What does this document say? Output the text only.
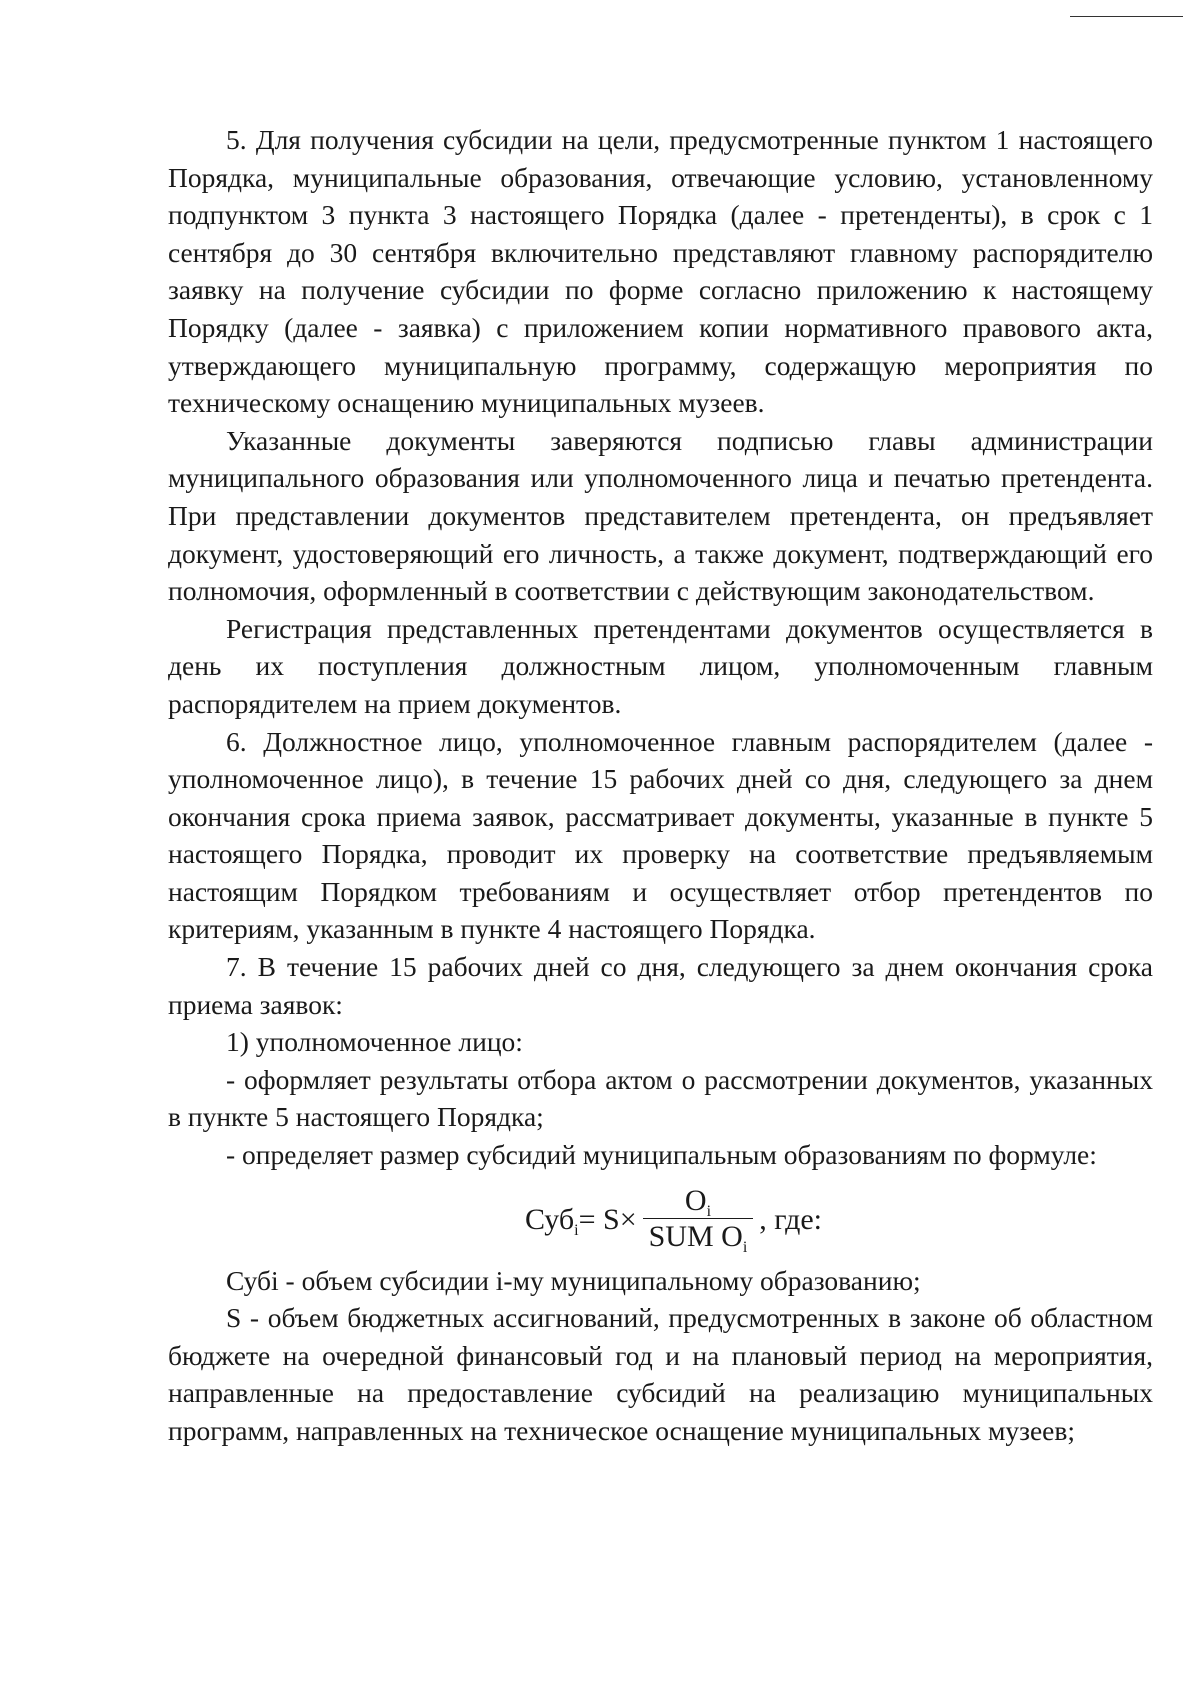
5. Для получения субсидии на цели, предусмотренные пунктом 1 настоящего Порядка, муниципальные образования, отвечающие условию, установленному подпунктом 3 пункта 3 настоящего Порядка (далее - претенденты), в срок с 1 сентября до 30 сентября включительно представляют главному распорядителю заявку на получение субсидии по форме согласно приложению к настоящему Порядку (далее - заявка) с приложением копии нормативного правового акта, утверждающего муниципальную программу, содержащую мероприятия по техническому оснащению муниципальных музеев.

Указанные документы заверяются подписью главы администрации муниципального образования или уполномоченного лица и печатью претендента. При представлении документов представителем претендента, он предъявляет документ, удостоверяющий его личность, а также документ, подтверждающий его полномочия, оформленный в соответствии с действующим законодательством.

Регистрация представленных претендентами документов осуществляется в день их поступления должностным лицом, уполномоченным главным распорядителем на прием документов.

6. Должностное лицо, уполномоченное главным распорядителем (далее - уполномоченное лицо), в течение 15 рабочих дней со дня, следующего за днем окончания срока приема заявок, рассматривает документы, указанные в пункте 5 настоящего Порядка, проводит их проверку на соответствие предъявляемым настоящим Порядком требованиям и осуществляет отбор претендентов по критериям, указанным в пункте 4 настоящего Порядка.

7. В течение 15 рабочих дней со дня, следующего за днем окончания срока приема заявок:

1) уполномоченное лицо:

- оформляет результаты отбора актом о рассмотрении документов, указанных в пункте 5 настоящего Порядка;

- определяет размер субсидий муниципальным образованиям по формуле:

$Суб_i = S\times \frac{O_i}{SUM O_i}$ , где:

Субi - объем субсидии i-му муниципальному образованию;

S - объем бюджетных ассигнований, предусмотренных в законе об областном бюджете на очередной финансовый год и на плановый период на мероприятия, направленные на предоставление субсидий на реализацию муниципальных программ, направленных на техническое оснащение муниципальных музеев;
